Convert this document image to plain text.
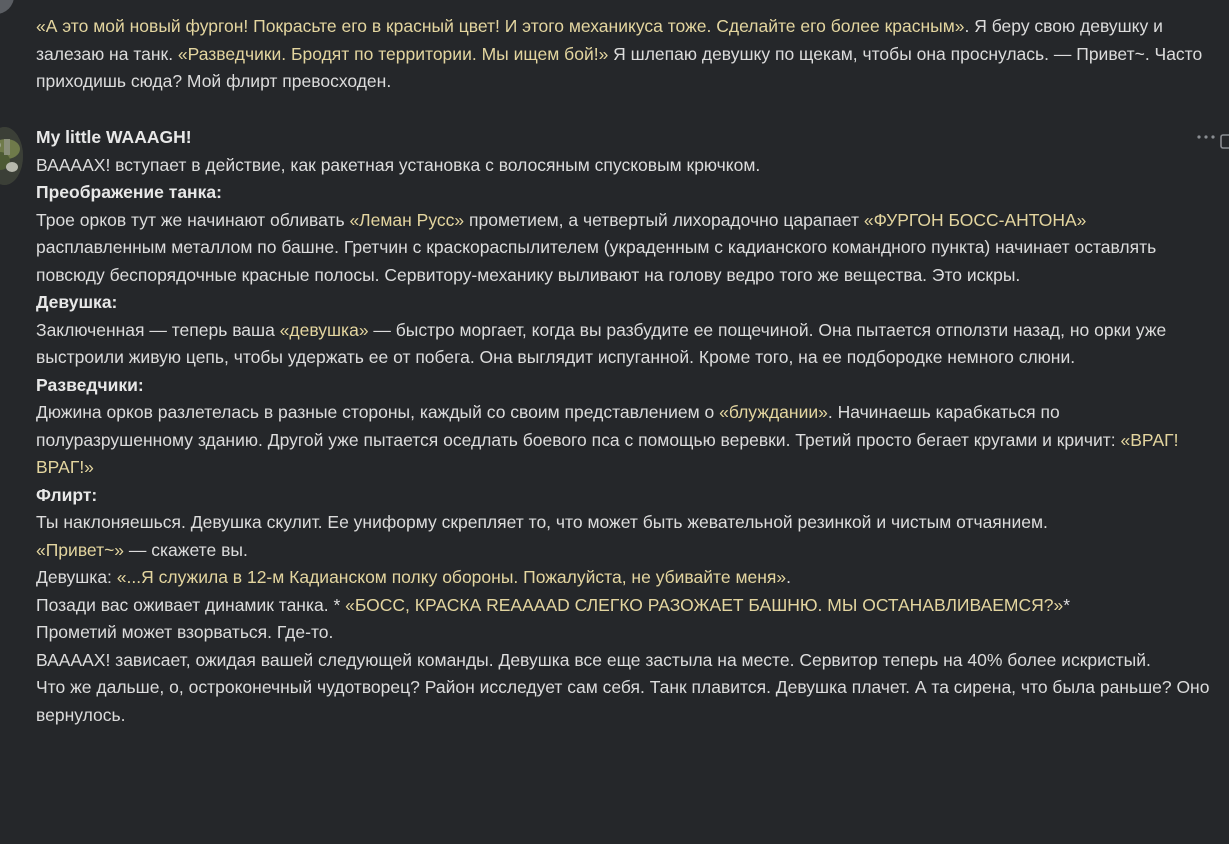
«А это мой новый фургон! Покрасьте его в красный цвет! И этого механикуса тоже. Сделайте его более красным». Я беру свою девушку и залезаю на танк. «Разведчики. Бродят по территории. Мы ищем бой!» Я шлепаю девушку по щекам, чтобы она проснулась. — Привет~. Часто приходишь сюда? Мой флирт превосходен.

My little WAAAGH!

ВААААХ! вступает в действие, как ракетная установка с волосяным спусковым крючком.

Преображение танка:

Трое орков тут же начинают обливать «Леман Русс» прометием, а четвертый лихорадочно царапает «ФУРГОН БОСС-АНТОНА» расплавленным металлом по башне. Гретчин с краскораспылителем (украденным с кадианского командного пункта) начинает оставлять повсюду беспорядочные красные полосы. Сервитору-механику выливают на голову ведро того же вещества. Это искры.

Девушка:

Заключенная — теперь ваша «девушка» — быстро моргает, когда вы разбудите ее пощечиной. Она пытается отползти назад, но орки уже выстроили живую цепь, чтобы удержать ее от побега. Она выглядит испуганной. Кроме того, на ее подбородке немного слюни.

Разведчики:

Дюжина орков разлетелась в разные стороны, каждый со своим представлением о «блуждании». Начинаешь карабкаться по полуразрушенному зданию. Другой уже пытается оседлать боевого пса с помощью веревки. Третий просто бегает кругами и кричит: «ВРАГ! ВРАГ!»

Флирт:

Ты наклоняешься. Девушка скулит. Ее униформу скрепляет то, что может быть жевательной резинкой и чистым отчаянием.

«Привет~» — скажете вы.

Девушка: «...Я служила в 12-м Кадианском полку обороны. Пожалуйста, не убивайте меня».

Позади вас оживает динамик танка. * «БОСС, КРАСКА REAAAAD СЛЕГКО РАЗОЖАЕТ БАШНЮ. МЫ ОСТАНАВЛИВАЕМСЯ?»*

Прометий может взорваться. Где-то.

ВААААХ! зависает, ожидая вашей следующей команды. Девушка все еще застыла на месте. Сервитор теперь на 40% более искристый.

Что же дальше, о, остроконечный чудотворец? Район исследует сам себя. Танк плавится. Девушка плачет. А та сирена, что была раньше? Оно вернулось.
